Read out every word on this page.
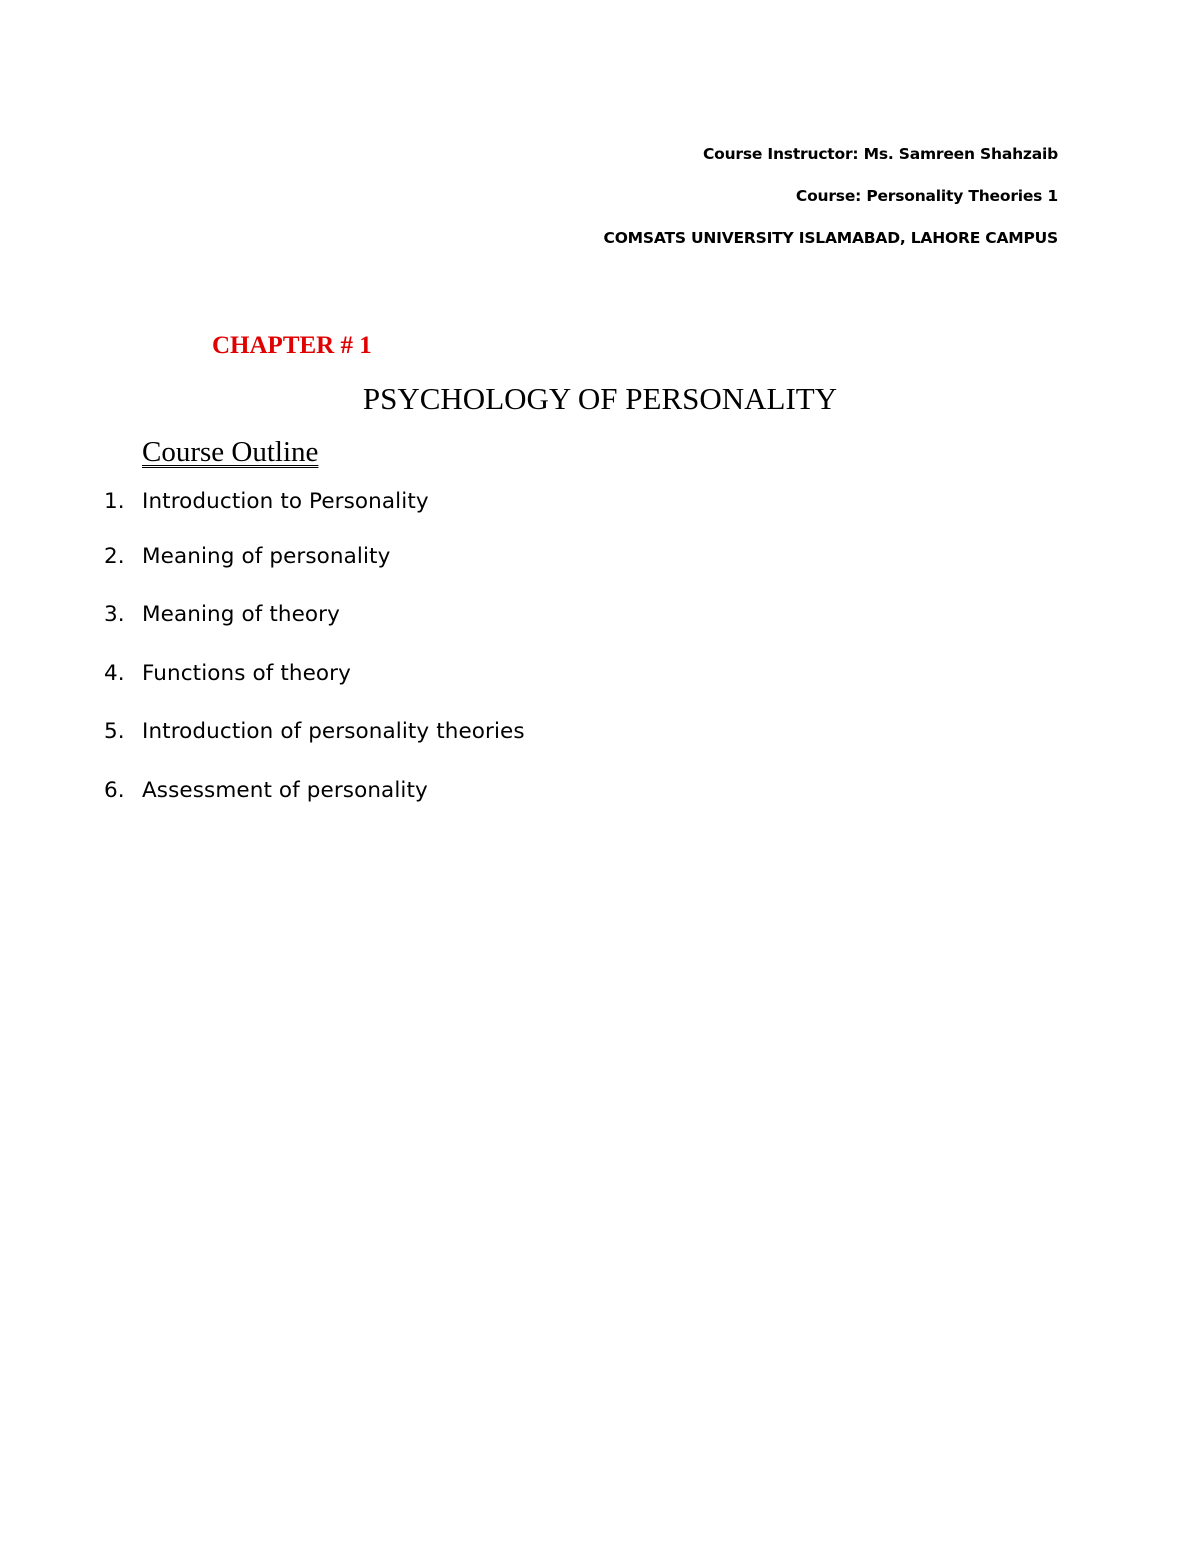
Course Instructor: Ms. Samreen Shahzaib
Course: Personality Theories 1
COMSATS UNIVERSITY ISLAMABAD, LAHORE CAMPUS
CHAPTER # 1
PSYCHOLOGY OF PERSONALITY
Course Outline
1. Introduction to Personality
2. Meaning of personality
3. Meaning of theory
4. Functions of theory
5. Introduction of personality theories
6. Assessment of personality
